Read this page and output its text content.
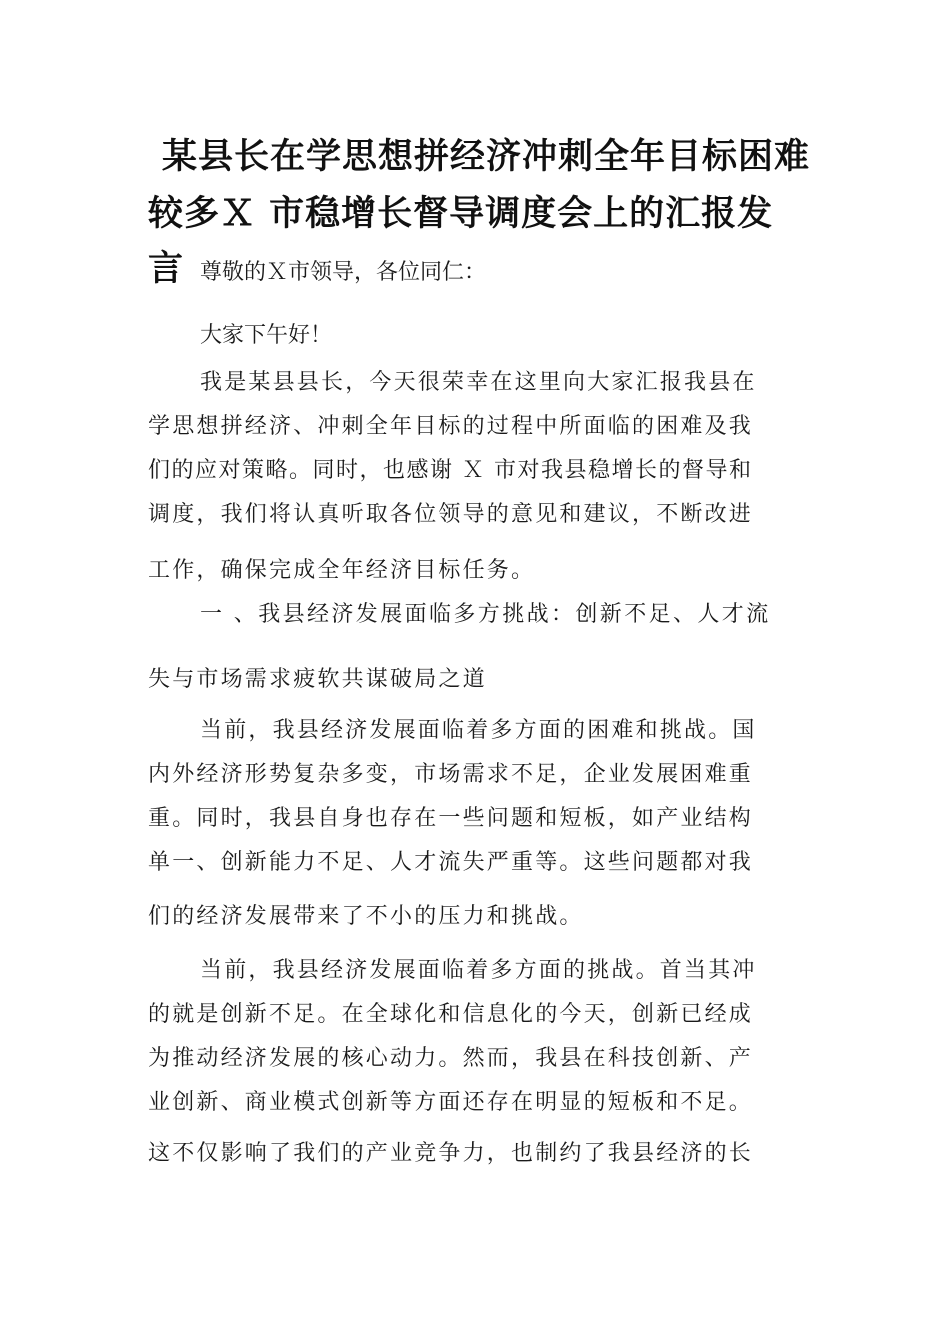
某县长在学思想拼经济冲刺全年目标困难
较多Ｘ 市稳增长督导调度会上的汇报发
言 尊敬的Ｘ市领导，各位同仁：
大家下午好！
我是某县县长，今天很荣幸在这里向大家汇报我县在
学思想拼经济、冲刺全年目标的过程中所面临的困难及我
们的应对策略。同时，也感谢 Ｘ 市对我县稳增长的督导和
调度，我们将认真听取各位领导的意见和建议，不断改进
工作，确保完成全年经济目标任务。
一 、我县经济发展面临多方挑战：创新不足、人才流
失与市场需求疲软共谋破局之道
当前，我县经济发展面临着多方面的困难和挑战。国
内外经济形势复杂多变，市场需求不足，企业发展困难重
重。同时，我县自身也存在一些问题和短板，如产业结构
单一、创新能力不足、人才流失严重等。这些问题都对我
们的经济发展带来了不小的压力和挑战。
当前，我县经济发展面临着多方面的挑战。首当其冲
的就是创新不足。在全球化和信息化的今天，创新已经成
为推动经济发展的核心动力。然而，我县在科技创新、产
业创新、商业模式创新等方面还存在明显的短板和不足。
这不仅影响了我们的产业竞争力，也制约了我县经济的长
